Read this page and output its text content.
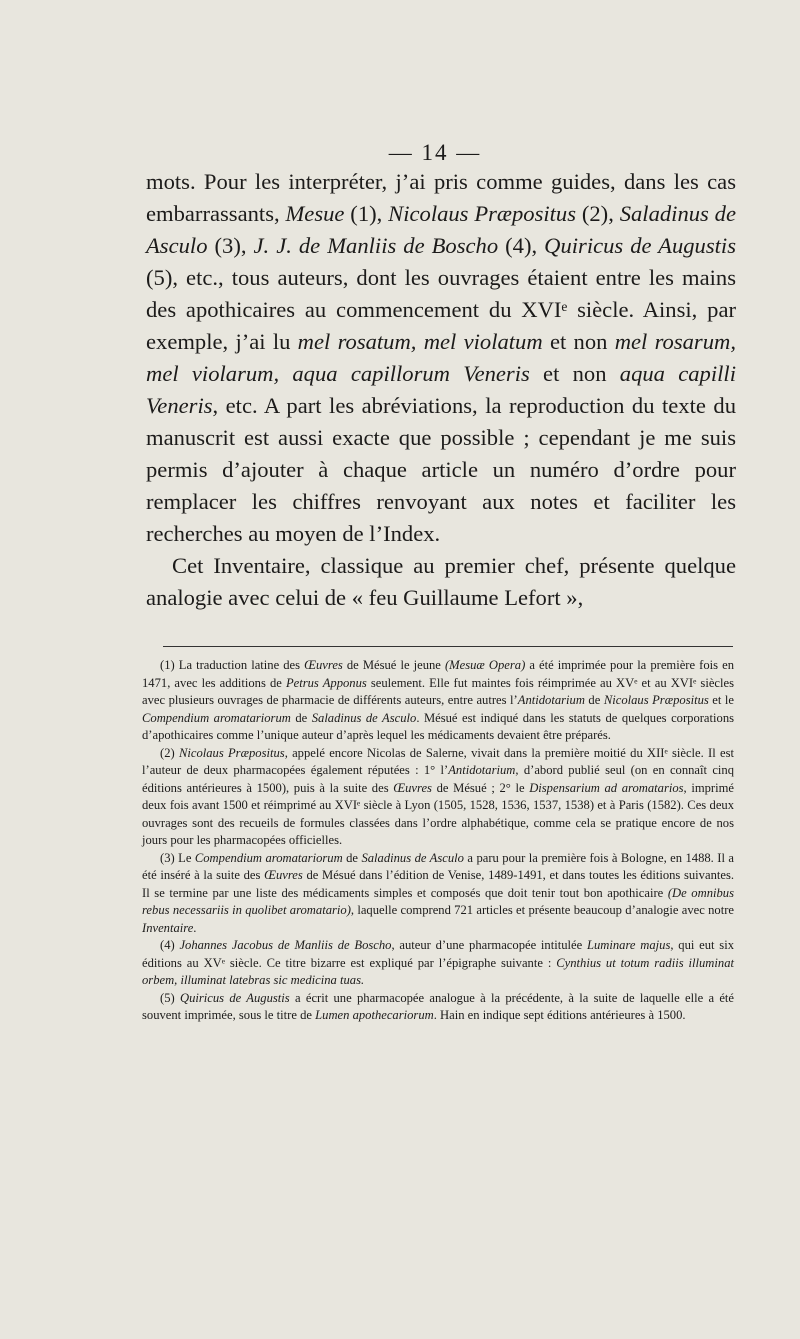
— 14 —

mots. Pour les interpréter, j’ai pris comme guides, dans les cas embarrassants, Mesue (1), Nicolaus Præpositus (2), Saladinus de Asculo (3), J. J. de Manliis de Boscho (4), Quiricus de Augustis (5), etc., tous auteurs, dont les ouvrages étaient entre les mains des apothicaires au commencement du XVIᵉ siècle. Ainsi, par exemple, j’ai lu mel rosatum, mel violatum et non mel rosarum, mel violarum, aqua capillorum Veneris et non aqua capilli Veneris, etc. A part les abréviations, la reproduction du texte du manuscrit est aussi exacte que possible ; cependant je me suis permis d’ajouter à chaque article un numéro d’ordre pour remplacer les chiffres renvoyant aux notes et faciliter les recherches au moyen de l’Index.

Cet Inventaire, classique au premier chef, présente quelque analogie avec celui de « feu Guillaume Lefort »,

(1) La traduction latine des Œuvres de Mésué le jeune (Mesuæ Opera) a été imprimée pour la première fois en 1471, avec les additions de Petrus Apponus seulement. Elle fut maintes fois réimprimée au XVᵉ et au XVIᵉ siècles avec plusieurs ouvrages de pharmacie de différents auteurs, entre autres l’Antidotarium de Nicolaus Præpositus et le Compendium aromatariorum de Saladinus de Asculo. Mésué est indiqué dans les statuts de quelques corporations d’apothicaires comme l’unique auteur d’après lequel les médicaments devaient être préparés.

(2) Nicolaus Præpositus, appelé encore Nicolas de Salerne, vivait dans la première moitié du XIIᵉ siècle. Il est l’auteur de deux pharmacopées également réputées : 1° l’Antidotarium, d’abord publié seul (on en connaît cinq éditions antérieures à 1500), puis à la suite des Œuvres de Mésué ; 2° le Dispensarium ad aromatarios, imprimé deux fois avant 1500 et réimprimé au XVIᵉ siècle à Lyon (1505, 1528, 1536, 1537, 1538) et à Paris (1582). Ces deux ouvrages sont des recueils de formules classées dans l’ordre alphabétique, comme cela se pratique encore de nos jours pour les pharmacopées officielles.

(3) Le Compendium aromatariorum de Saladinus de Asculo a paru pour la première fois à Bologne, en 1488. Il a été inséré à la suite des Œuvres de Mésué dans l’édition de Venise, 1489-1491, et dans toutes les éditions suivantes. Il se termine par une liste des médicaments simples et composés que doit tenir tout bon apothicaire (De omnibus rebus necessariis in quolibet aromatario), laquelle comprend 721 articles et présente beaucoup d’analogie avec notre Inventaire.

(4) Johannes Jacobus de Manliis de Boscho, auteur d’une pharmacopée intitulée Luminare majus, qui eut six éditions au XVᵉ siècle. Ce titre bizarre est expliqué par l’épigraphe suivante : Cynthius ut totum radiis illuminat orbem, illuminat latebras sic medicina tuas.

(5) Quiricus de Augustis a écrit une pharmacopée analogue à la précédente, à la suite de laquelle elle a été souvent imprimée, sous le titre de Lumen apothecariorum. Hain en indique sept éditions antérieures à 1500.
